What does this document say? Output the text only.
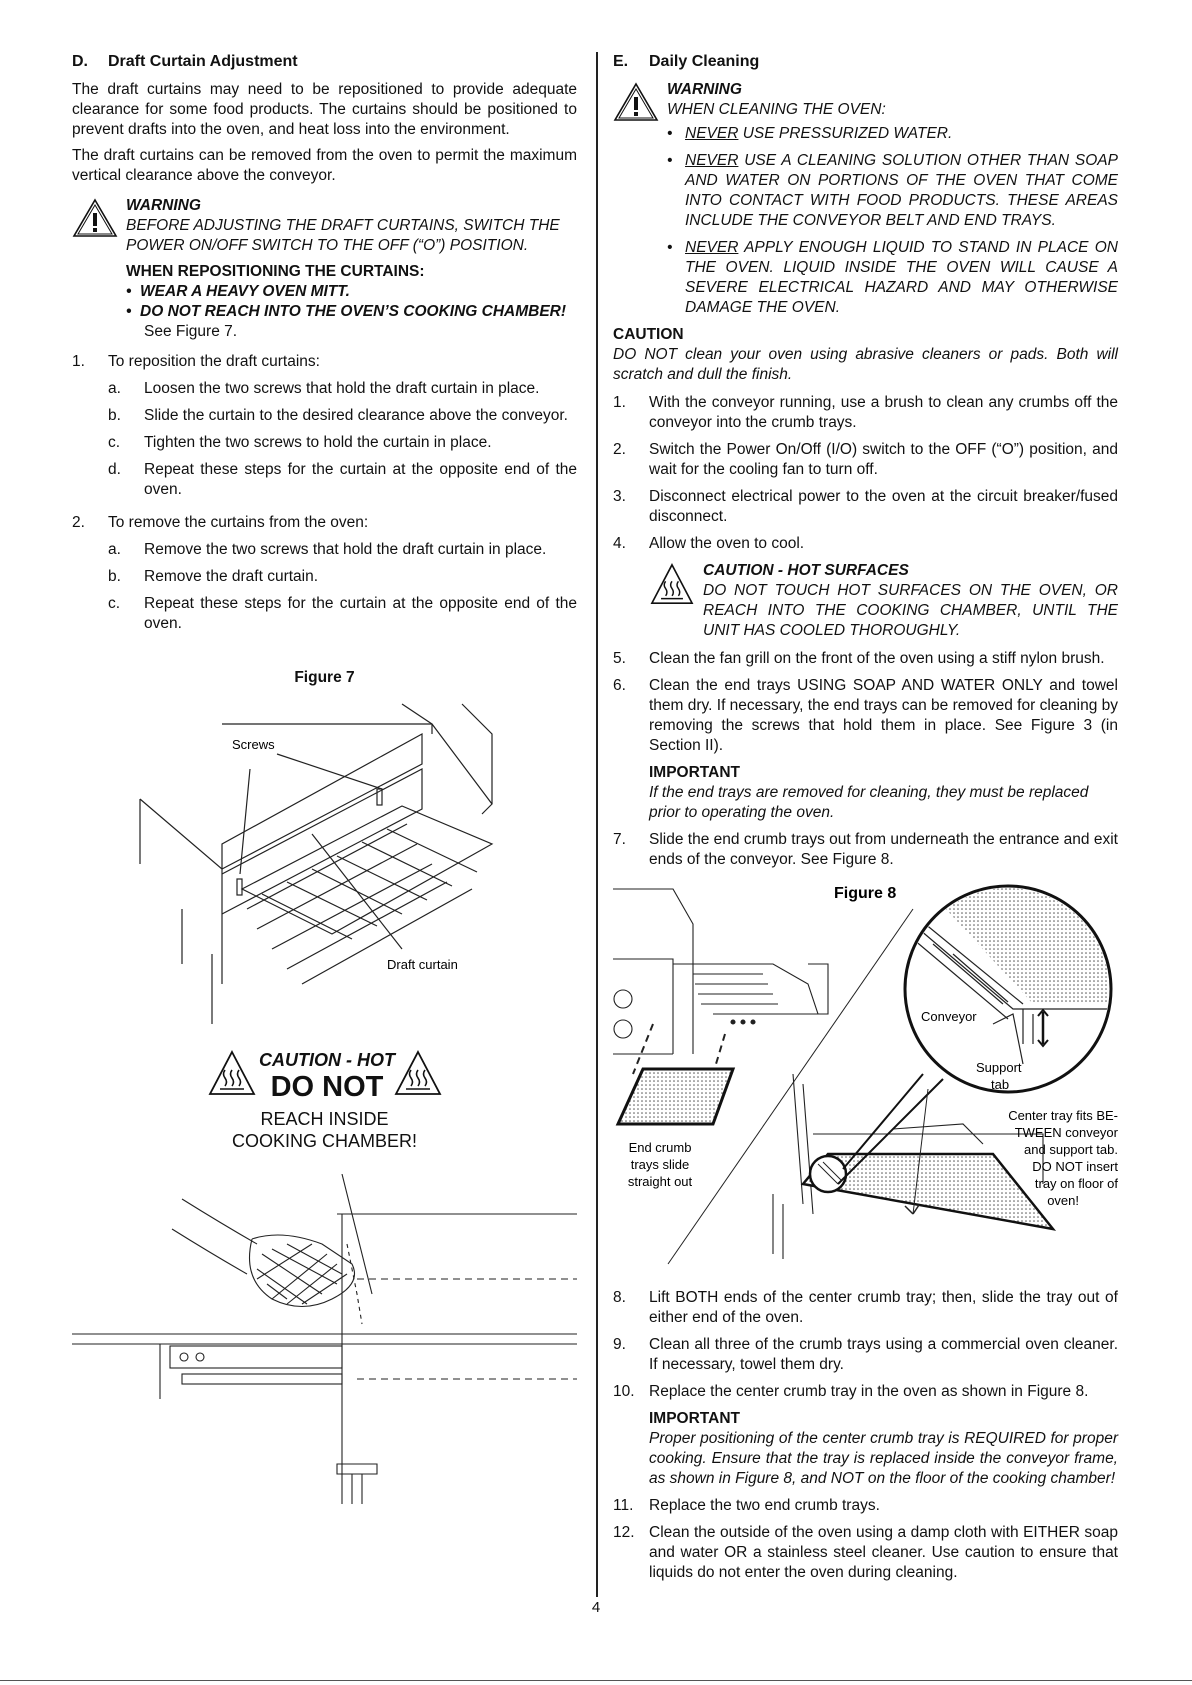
D. Draft Curtain Adjustment

The draft curtains may need to be repositioned to provide adequate clearance for some food products. The curtains should be positioned to prevent drafts into the oven, and heat loss into the environment.

The draft curtains can be removed from the oven to permit the maximum vertical clearance above the conveyor.

WARNING
BEFORE ADJUSTING THE DRAFT CURTAINS, SWITCH THE POWER ON/OFF SWITCH TO THE OFF (“O”) POSITION.
WHEN REPOSITIONING THE CURTAINS:
•  WEAR A HEAVY OVEN MITT.
•  DO NOT REACH INTO THE OVEN’S COOKING CHAMBER!
See Figure 7.
1. To reposition the draft curtains:
a. Loosen the two screws that hold the draft curtain in place.
b. Slide the curtain to the desired clearance above the conveyor.
c. Tighten the two screws to hold the curtain in place.
d. Repeat these steps for the curtain at the opposite end of the oven.
2. To remove the curtains from the oven:
a. Remove the two screws that hold the draft curtain in place.
b. Remove the draft curtain.
c. Repeat these steps for the curtain at the opposite end of the oven.
Figure 7
Screws
Draft curtain
CAUTION - HOT
DO NOT
REACH INSIDE
COOKING CHAMBER!
E. Daily Cleaning
WARNING
WHEN CLEANING THE OVEN:
• NEVER USE PRESSURIZED WATER.
• NEVER USE A CLEANING SOLUTION OTHER THAN SOAP AND WATER ON PORTIONS OF THE OVEN THAT COME INTO CONTACT WITH FOOD PRODUCTS. THESE AREAS INCLUDE THE CONVEYOR BELT AND END TRAYS.
• NEVER APPLY ENOUGH LIQUID TO STAND IN PLACE ON THE OVEN. LIQUID INSIDE THE OVEN WILL CAUSE A SEVERE ELECTRICAL HAZARD AND MAY OTHERWISE DAMAGE THE OVEN.
CAUTION

DO NOT clean your oven using abrasive cleaners or pads. Both will scratch and dull the finish.

1. With the conveyor running, use a brush to clean any crumbs off the conveyor into the crumb trays.
2. Switch the Power On/Off (I/O) switch to the OFF (“O”) position, and wait for the cooling fan to turn off.
3. Disconnect electrical power to the oven at the circuit breaker/fused disconnect.
4. Allow the oven to cool.
CAUTION - HOT SURFACES
DO NOT TOUCH HOT SURFACES ON THE OVEN, OR REACH INTO THE COOKING CHAMBER, UNTIL THE UNIT HAS COOLED THOROUGHLY.
5. Clean the fan grill on the front of the oven using a stiff nylon brush.
6. Clean the end trays USING SOAP AND WATER ONLY and towel them dry. If necessary, the end trays can be removed for cleaning by removing the screws that hold them in place. See Figure 3 (in Section II).
IMPORTANT
If the end trays are removed for cleaning, they must be replaced prior to operating the oven.
7. Slide the end crumb trays out from underneath the entrance and exit ends of the conveyor. See Figure 8.
Figure 8
Conveyor
Support
tab
End crumb
trays slide
straight out
Center tray fits BE-
TWEEN conveyor
and support tab.
DO NOT insert
tray on floor of
oven!
8. Lift BOTH ends of the center crumb tray; then, slide the tray out of either end of the oven.
9. Clean all three of the crumb trays using a commercial oven cleaner. If necessary, towel them dry.
10. Replace the center crumb tray in the oven as shown in Figure 8.
IMPORTANT
Proper positioning of the center crumb tray is REQUIRED for proper cooking. Ensure that the tray is replaced inside the conveyor frame, as shown in Figure 8, and NOT on the floor of the cooking chamber!
11. Replace the two end crumb trays.
12. Clean the outside of the oven using a damp cloth with EITHER soap and water OR a stainless steel cleaner. Use caution to ensure that liquids do not enter the oven during cleaning.
4
